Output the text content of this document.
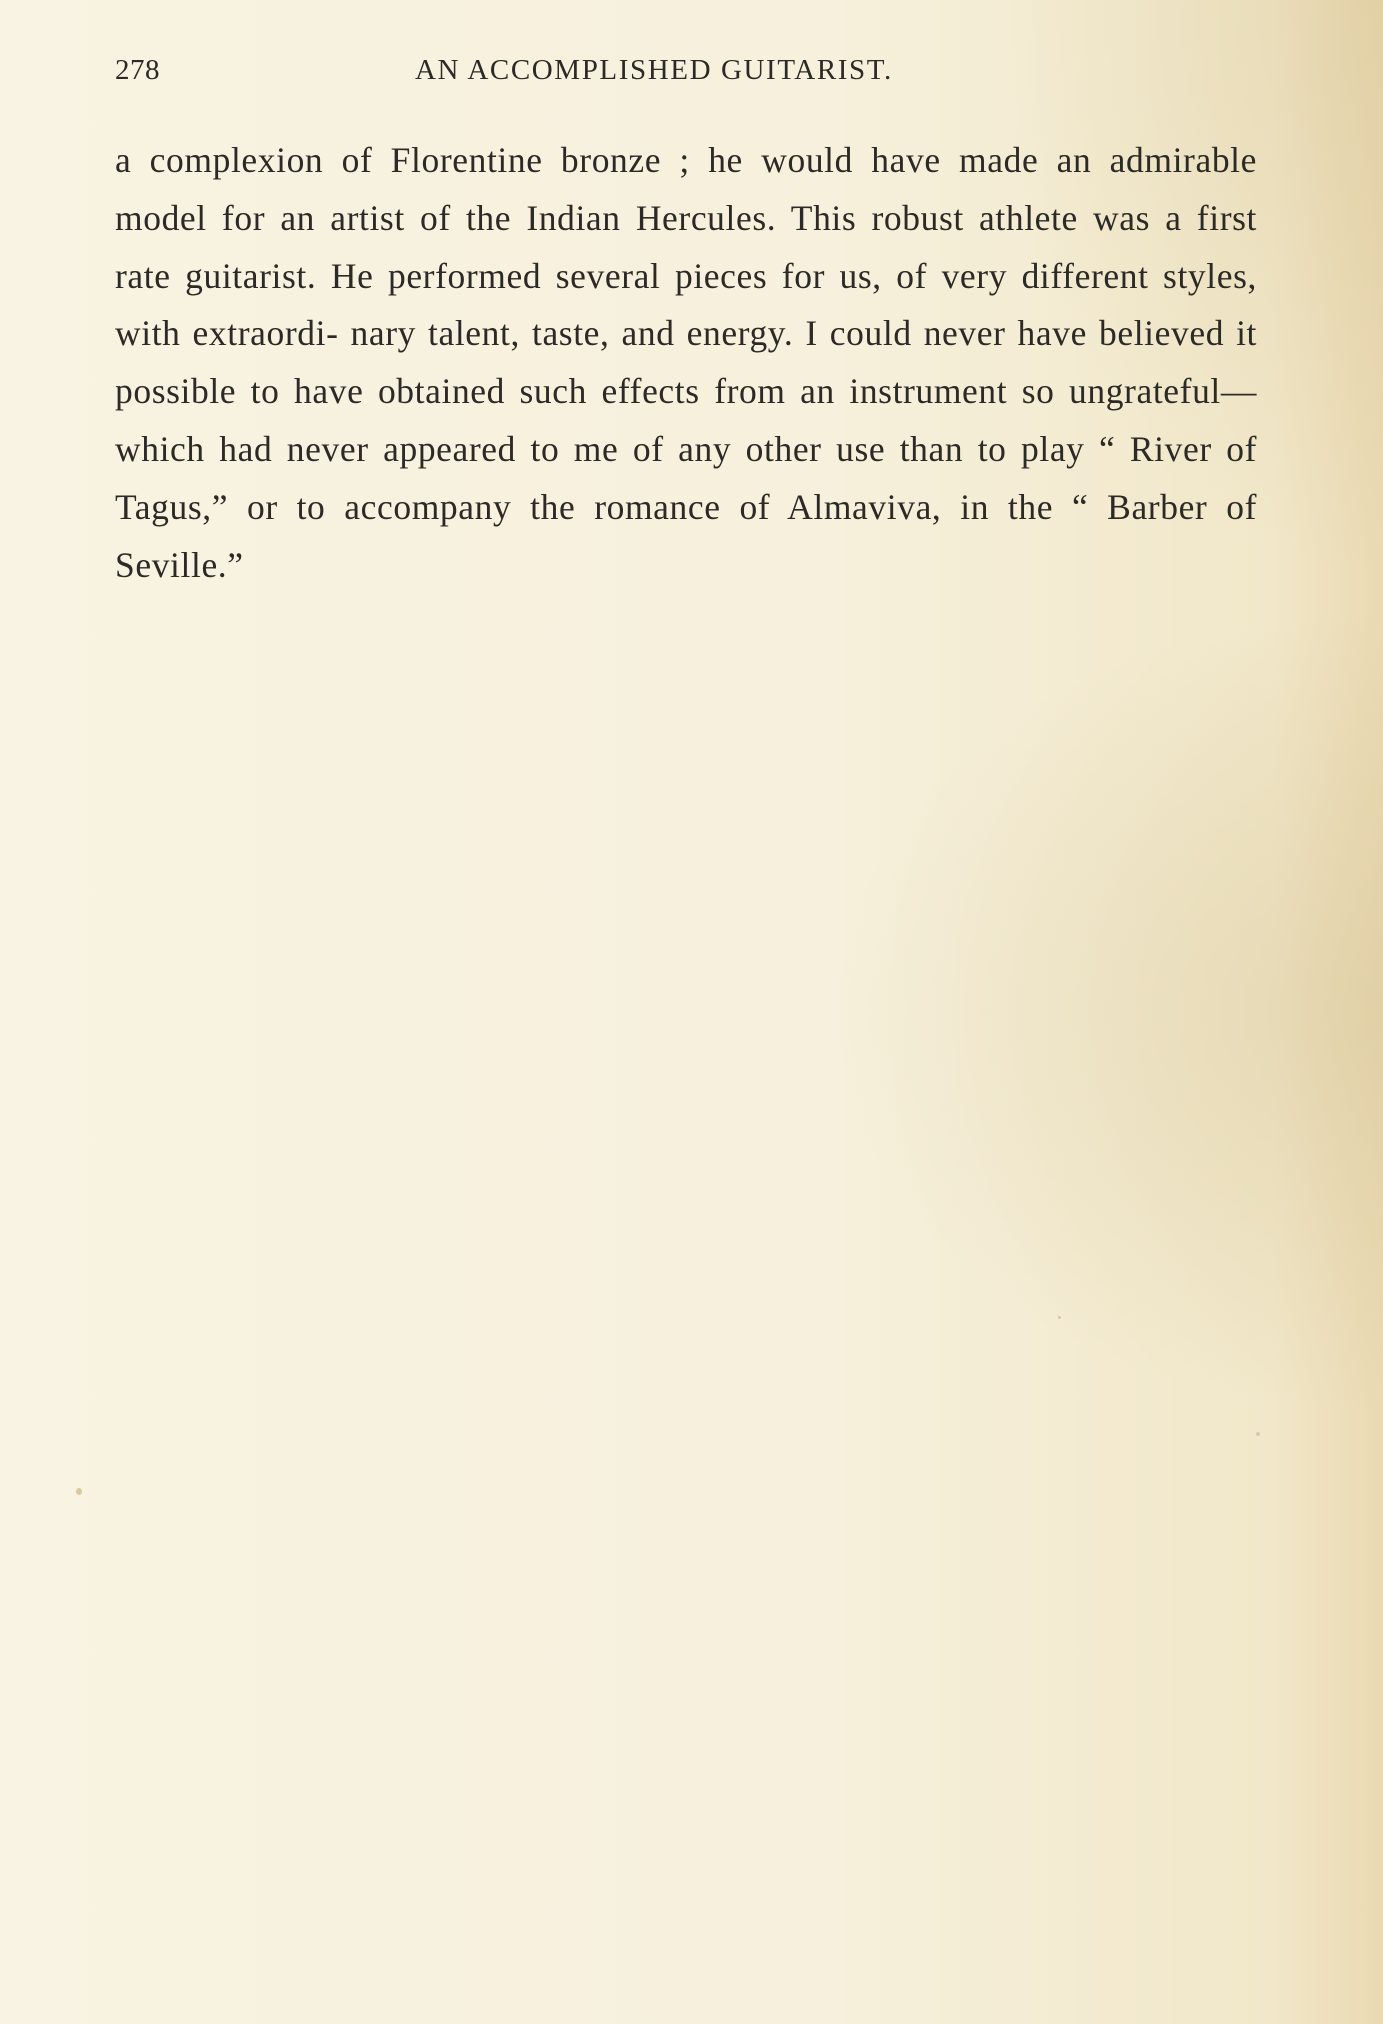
278	AN ACCOMPLISHED GUITARIST.

a complexion of Florentine bronze ; he would have made an admirable model for an artist of the Indian Hercules. This robust athlete was a first rate guitarist. He performed several pieces for us, of very different styles, with extraordi- nary talent, taste, and energy. I could never have believed it possible to have obtained such effects from an instrument so ungrateful—which had never appeared to me of any other use than to play “ River of Tagus,” or to accompany the romance of Almaviva, in the “ Barber of Seville.”
